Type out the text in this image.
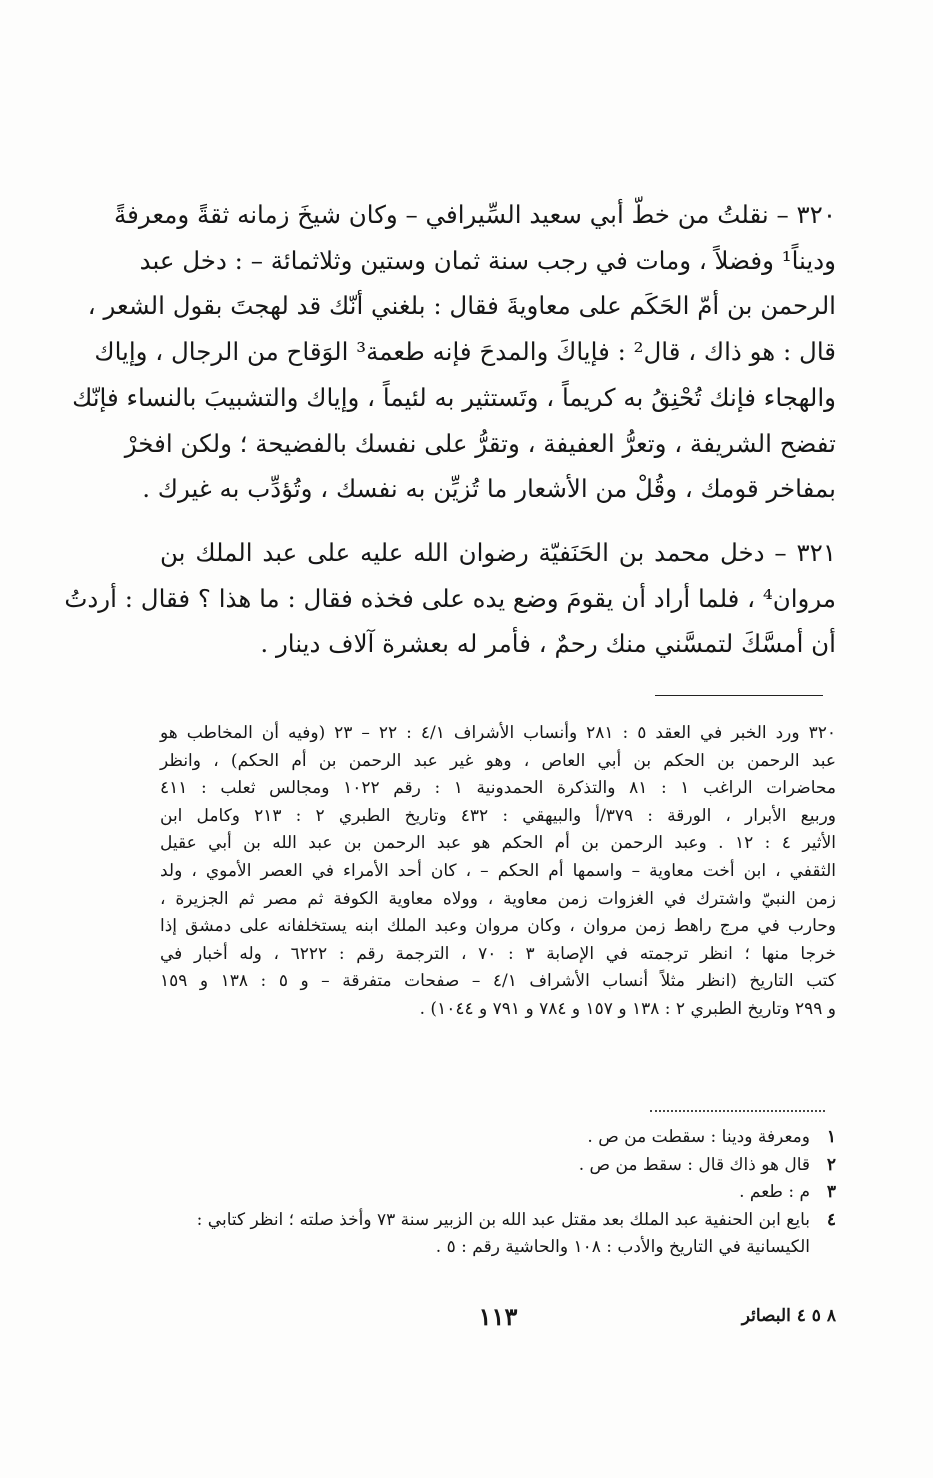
٣٢٠ – نقلتُ من خطّ أبي سعيد السِّيرافي – وكان شيخَ زمانه ثقةً ومعرفةً
وديناً¹ وفضلاً ، ومات في رجب سنة ثمان وستين وثلاثمائة – : دخل عبد
الرحمن بن أمّ الحَكَم على معاويةَ فقال : بلغني أنّك قد لهجتَ بقول الشعر ،
قال : هو ذاك ، قال² : فإياكَ والمدحَ فإنه طعمة³ الوَقاح من الرجال ، وإياك
والهجاء فإنك تُحْنِقُ به كريماً ، وتَستثير به لئيماً ، وإياك والتشبيبَ بالنساء فإنّك
تفضح الشريفة ، وتعرُّ العفيفة ، وتقرُّ على نفسك بالفضيحة ؛ ولكن افخرْ
بمفاخر قومك ، وقُلْ من الأشعار ما تُزيِّن به نفسك ، وتُؤدِّب به غيرك .
٣٢١ – دخل محمد بن الحَنَفيّة رضوان الله عليه على عبد الملك بن
مروان⁴ ، فلما أراد أن يقومَ وضع يده على فخذه فقال : ما هذا ؟ فقال : أردتُ
أن أمسَّكَ لتمسَّني منك رحمٌ ، فأمر له بعشرة آلاف دينار .
٣٢٠ ورد الخبر في العقد ٥ : ٢٨١ وأنساب الأشراف ٤/١ : ٢٢ – ٢٣ (وفيه أن المخاطب هو
عبد الرحمن بن الحكم بن أبي العاص ، وهو غير عبد الرحمن بن أم الحكم) ، وانظر
محاضرات الراغب ١ : ٨١ والتذكرة الحمدونية ١ : رقم ١٠٢٢ ومجالس ثعلب : ٤١١
وربيع الأبرار ، الورقة : ٣٧٩/أ والبيهقي : ٤٣٢ وتاريخ الطبري ٢ : ٢١٣ وكامل ابن
الأثير ٤ : ١٢ . وعبد الرحمن بن أم الحكم هو عبد الرحمن بن عبد الله بن أبي عقيل
الثقفي ، ابن أخت معاوية – واسمها أم الحكم – ، كان أحد الأمراء في العصر الأموي ، ولد
زمن النبيّ واشترك في الغزوات زمن معاوية ، وولاه معاوية الكوفة ثم مصر ثم الجزيرة ،
وحارب في مرج راهط زمن مروان ، وكان مروان وعبد الملك ابنه يستخلفانه على دمشق إذا
خرجا منها ؛ انظر ترجمته في الإصابة ٣ : ٧٠ ، الترجمة رقم : ٦٢٢٢ ، وله أخبار في
كتب التاريخ (انظر مثلاً أنساب الأشراف ٤/١ – صفحات متفرقة – و ٥ : ١٣٨ و ١٥٩
و ٢٩٩ وتاريخ الطبري ٢ : ١٣٨ و ١٥٧ و ٧٨٤ و ٧٩١ و ١٠٤٤) .
١
ومعرفة ودينا : سقطت من ص .
٢
قال هو ذاك قال : سقط من ص .
٣
م : طعم .
٤
بايع ابن الحنفية عبد الملك بعد مقتل عبد الله بن الزبير سنة ٧٣ وأخذ صلته ؛ انظر كتابي :
الكيسانية في التاريخ والأدب : ١٠٨ والحاشية رقم : ٥ .
١١٣	٨ ٥ ٤ البصائر
